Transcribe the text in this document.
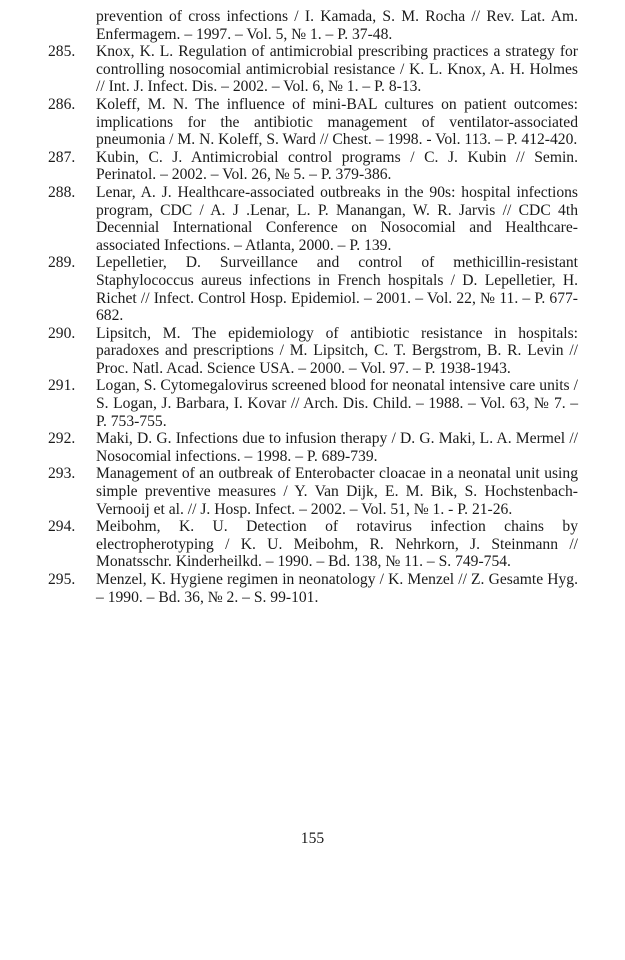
prevention of cross infections / I. Kamada, S. M. Rocha // Rev. Lat. Am. Enfermagem. – 1997. – Vol. 5, № 1. – P. 37-48.

285. Knox, K. L. Regulation of antimicrobial prescribing practices a strategy for controlling nosocomial antimicrobial resistance / K. L. Knox, A. H. Holmes // Int. J. Infect. Dis. – 2002. – Vol. 6, № 1. – P. 8-13.

286. Koleff, M. N. The influence of mini-BAL cultures on patient outcomes: implications for the antibiotic management of ventilator-associated pneumonia / M. N. Koleff, S. Ward // Chest. – 1998. - Vol. 113. – P. 412-420.

287. Kubin, C. J. Antimicrobial control programs / C. J. Kubin // Semin. Perinatol. – 2002. – Vol. 26, № 5. – P. 379-386.

288. Lenar, A. J. Healthcare-associated outbreaks in the 90s: hospital infections program, CDC / A. J .Lenar, L. P. Manangan, W. R. Jarvis // CDC 4th Decennial International Conference on Nosocomial and Healthcare-associated Infections. – Atlanta, 2000. – P. 139.

289. Lepelletier, D. Surveillance and control of methicillin-resistant Staphylococcus aureus infections in French hospitals / D. Lepelletier, H. Richet // Infect. Control Hosp. Epidemiol. – 2001. – Vol. 22, № 11. – P. 677-682.

290. Lipsitch, M. The epidemiology of antibiotic resistance in hospitals: paradoxes and prescriptions / M. Lipsitch, C. T. Bergstrom, B. R. Levin // Proc. Natl. Acad. Science USA. – 2000. – Vol. 97. – P. 1938-1943.

291. Logan, S. Cytomegalovirus screened blood for neonatal intensive care units / S. Logan, J. Barbara, I. Kovar // Arch. Dis. Child. – 1988. – Vol. 63, № 7. – P. 753-755.

292. Maki, D. G. Infections due to infusion therapy / D. G. Maki, L. A. Mermel // Nosocomial infections. – 1998. – P. 689-739.

293. Management of an outbreak of Enterobacter cloacae in a neonatal unit using simple preventive measures / Y. Van Dijk, E. M. Bik, S. Hochstenbach-Vernooij et al. // J. Hosp. Infect. – 2002. – Vol. 51, № 1. - P. 21-26.

294. Meibohm, K. U. Detection of rotavirus infection chains by electropherotyping / K. U. Meibohm, R. Nehrkorn, J. Steinmann // Monatsschr. Kinderheilkd. – 1990. – Bd. 138, № 11. – S. 749-754.

295. Menzel, K. Hygiene regimen in neonatology / K. Menzel // Z. Gesamte Hyg. – 1990. – Bd. 36, № 2. – S. 99-101.

155
